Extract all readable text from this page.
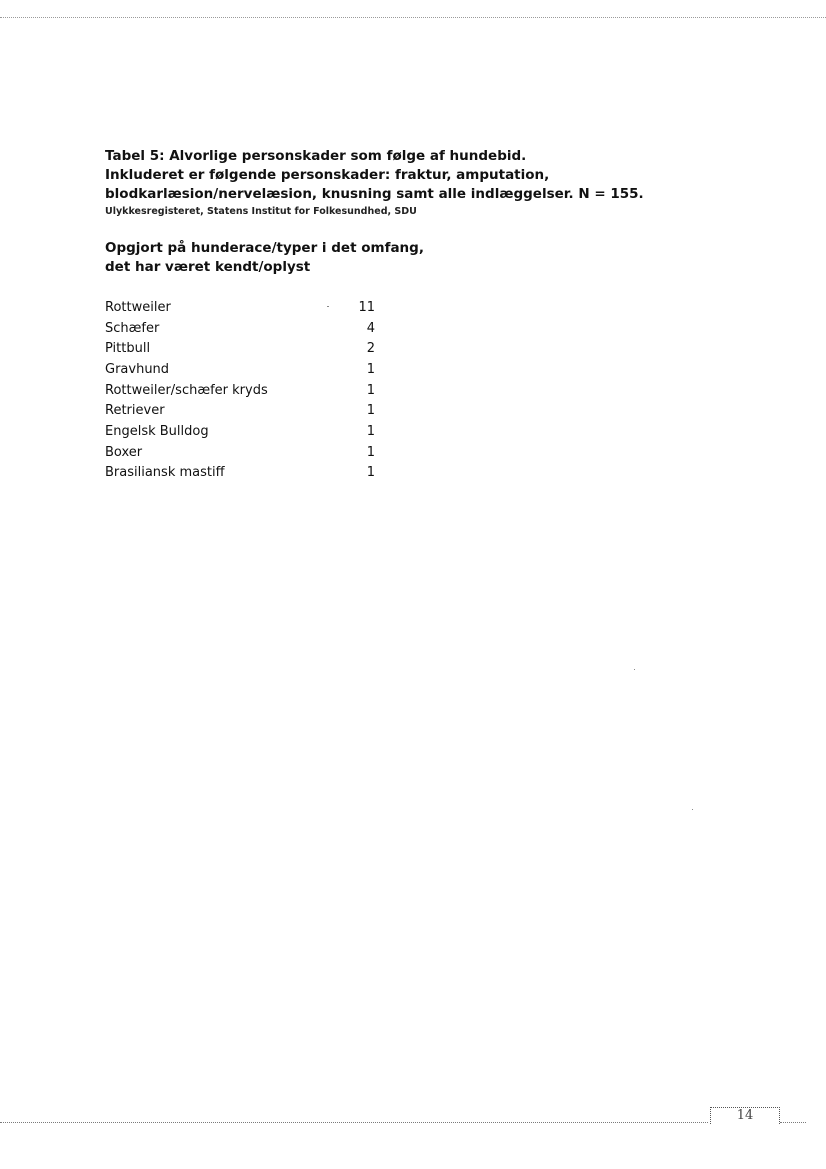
Tabel 5: Alvorlige personskader som følge af hundebid.

Inkluderet er følgende personskader: fraktur, amputation,

blodkarlæsion/nervelæsion, knusning samt alle indlæggelser. N = 155.

Ulykkesregisteret, Statens Institut for Folkesundhed, SDU

Opgjort på hunderace/typer i det omfang,
det har været kendt/oplyst
Rottweiler	11
Schæfer	4
Pittbull	2
Gravhund	1
Rottweiler/schæfer kryds	1
Retriever	1
Engelsk Bulldog	1
Boxer	1
Brasiliansk mastiff	1
14
